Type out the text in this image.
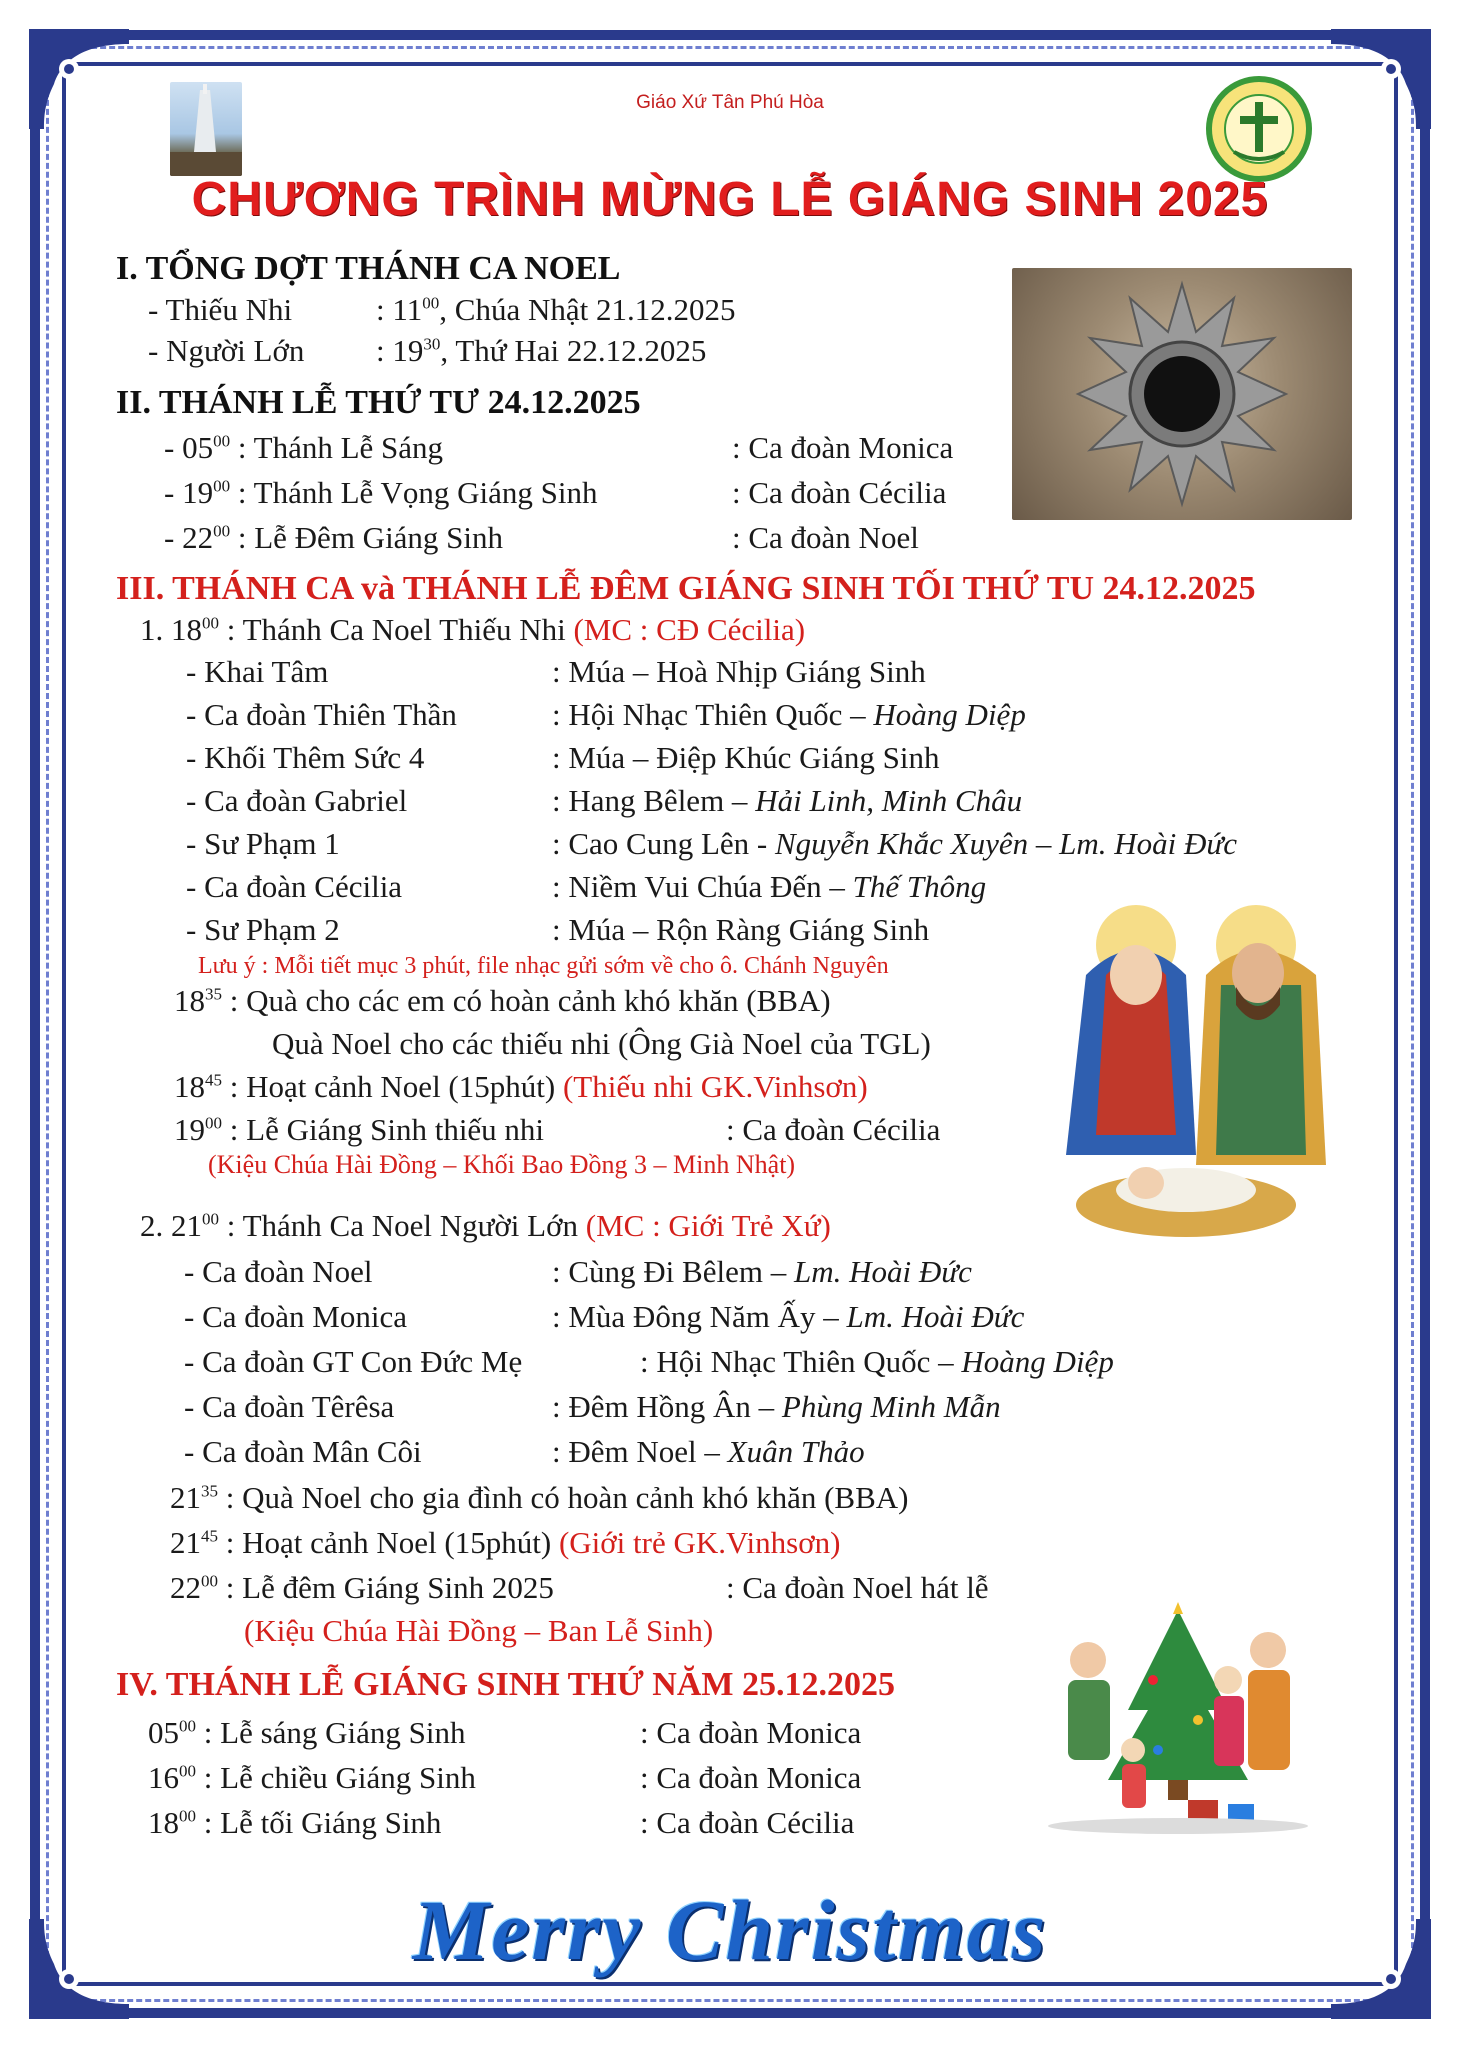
Giáo Xứ Tân Phú Hòa
CHƯƠNG TRÌNH MỪNG LỄ GIÁNG SINH 2025
I. TỔNG DỢT THÁNH CA NOEL
- Thiếu Nhi	: $11^{00}$, Chúa Nhật 21.12.2025
- Người Lớn : $19^{30}$, Thứ Hai 22.12.2025
II. THÁNH LỄ THỨ TƯ 24.12.2025
- $05^{00}$ : Thánh Lễ Sáng	: Ca đoàn Monica
- $19^{00}$ : Thánh Lễ Vọng Giáng Sinh	: Ca đoàn Cécilia
- $22^{00}$ : Lễ Đêm Giáng Sinh	: Ca đoàn Noel
III. THÁNH CA và THÁNH LỄ ĐÊM GIÁNG SINH TỐI THỨ TU 24.12.2025
1. $18^{00}$ : Thánh Ca Noel Thiếu Nhi (MC : CĐ Cécilia)
- Khai Tâm	: Múa – Hoà Nhịp Giáng Sinh
- Ca đoàn Thiên Thần	: Hội Nhạc Thiên Quốc – Hoàng Diệp
- Khối Thêm Sức 4	: Múa – Điệp Khúc Giáng Sinh
- Ca đoàn Gabriel	: Hang Bêlem – Hải Linh, Minh Châu
- Sư Phạm 1	: Cao Cung Lên - Nguyễn Khắc Xuyên – Lm. Hoài Đức
- Ca đoàn Cécilia	: Niềm Vui Chúa Đến – Thế Thông
- Sư Phạm 2	: Múa – Rộn Ràng Giáng Sinh
Lưu ý : Mỗi tiết mục 3 phút, file nhạc gửi sớm về cho ô. Chánh Nguyên
$18^{35}$ : Quà cho các em có hoàn cảnh khó khăn (BBA)
Quà Noel cho các thiếu nhi (Ông Già Noel của TGL)
$18^{45}$ : Hoạt cảnh Noel (15phút) (Thiếu nhi GK.Vinhsơn)
$19^{00}$ : Lễ Giáng Sinh thiếu nhi	: Ca đoàn Cécilia
(Kiệu Chúa Hài Đồng – Khối Bao Đồng 3 – Minh Nhật)
2. $21^{00}$ : Thánh Ca Noel Người Lớn (MC : Giới Trẻ Xứ)
- Ca đoàn Noel	: Cùng Đi Bêlem – Lm. Hoài Đức
- Ca đoàn Monica	: Mùa Đông Năm Ấy – Lm. Hoài Đức
- Ca đoàn GT Con Đức Mẹ	: Hội Nhạc Thiên Quốc – Hoàng Diệp
- Ca đoàn Têrêsa	: Đêm Hồng Ân – Phùng Minh Mẫn
- Ca đoàn Mân Côi	: Đêm Noel – Xuân Thảo
$21^{35}$ : Quà Noel cho gia đình có hoàn cảnh khó khăn (BBA)
$21^{45}$ : Hoạt cảnh Noel (15phút) (Giới trẻ GK.Vinhsơn)
$22^{00}$ : Lễ đêm Giáng Sinh 2025	: Ca đoàn Noel hát lễ
(Kiệu Chúa Hài Đồng – Ban Lễ Sinh)
IV. THÁNH LỄ GIÁNG SINH THỨ NĂM 25.12.2025
$05^{00}$ : Lễ sáng Giáng Sinh	: Ca đoàn Monica
$16^{00}$ : Lễ chiều Giáng Sinh	: Ca đoàn Monica
$18^{00}$ : Lễ tối Giáng Sinh	: Ca đoàn Cécilia
Merry Christmas
